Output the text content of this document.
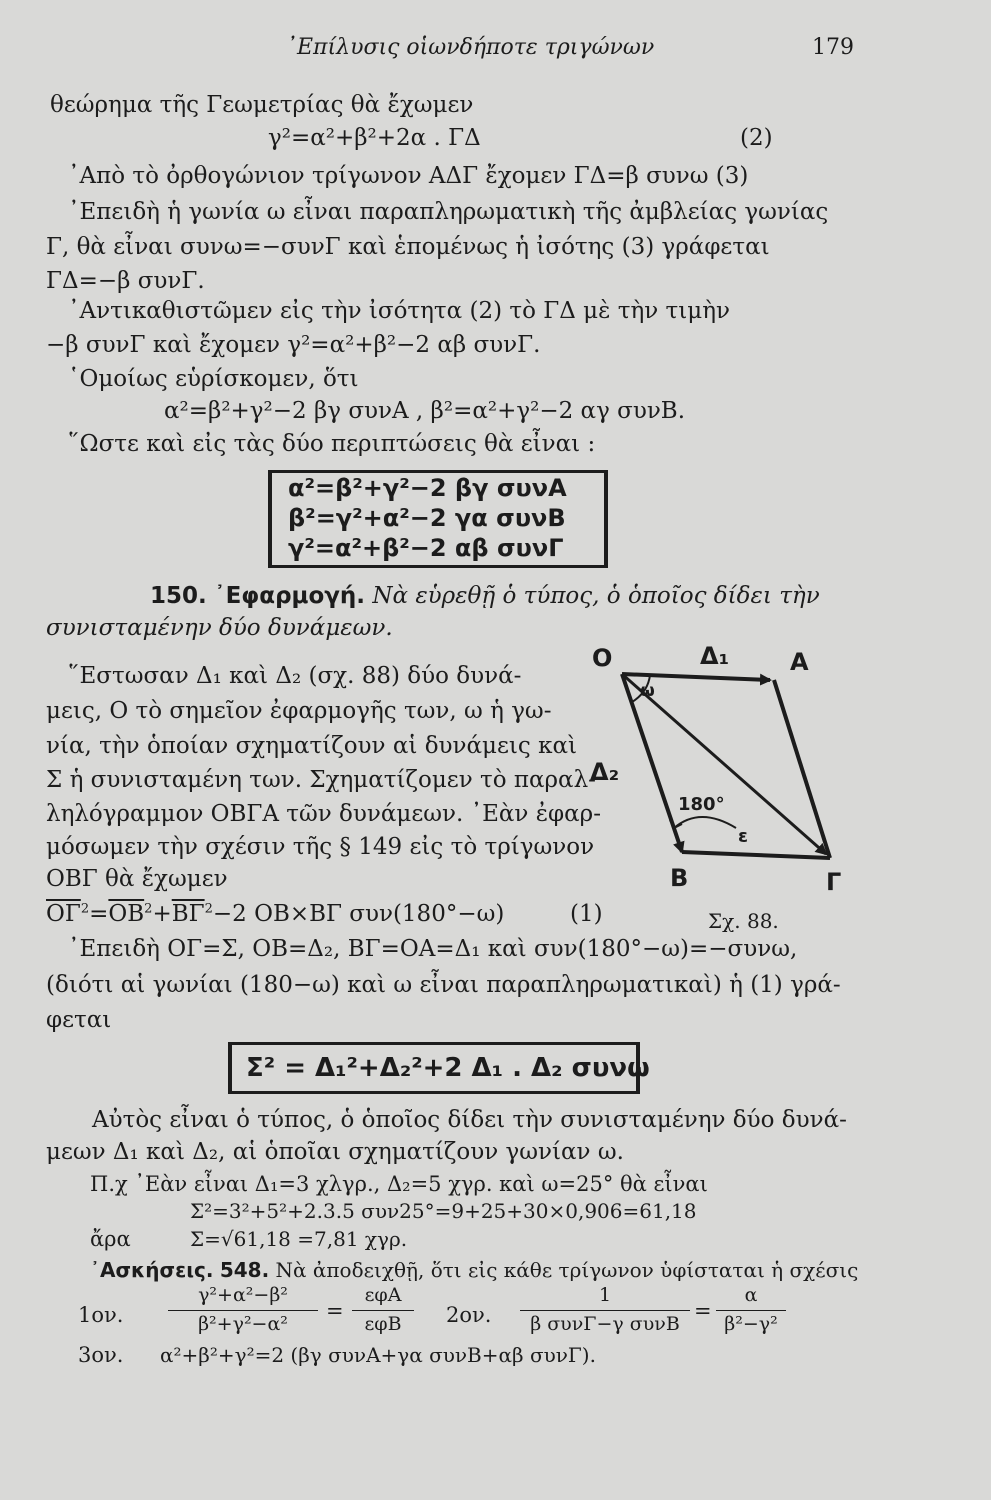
᾿Επίλυσις οἱωνδήποτε τριγώνων	179
θεώρημα τῆς Γεωμετρίας θὰ ἔχωμεν
γ²=α²+β²+2α . ΓΔ	(2)
᾿Απὸ τὸ ὀρθογώνιον τρίγωνον ΑΔΓ ἔχομεν ΓΔ=β συνω (3)
᾿Επειδὴ ἡ γωνία ω εἶναι παραπληρωματικὴ τῆς ἀμβλείας γωνίας
Γ, θὰ εἶναι συνω=−συνΓ καὶ ἑπομένως ἡ ἰσότης (3) γράφεται
ΓΔ=−β συνΓ.
᾿Αντικαθιστῶμεν εἰς τὴν ἰσότητα (2) τὸ ΓΔ μὲ τὴν τιμὴν
−β συνΓ καὶ ἔχομεν γ²=α²+β²−2 αβ συνΓ.
῾Ομοίως εὑρίσκομεν, ὅτι
α²=β²+γ²−2 βγ συνΑ , β²=α²+γ²−2 αγ συνΒ.
῞Ωστε καὶ εἰς τὰς δύο περιπτώσεις θὰ εἶναι :
α²=β²+γ²−2 βγ συνΑ
β²=γ²+α²−2 γα συνΒ
γ²=α²+β²−2 αβ συνΓ
150. ᾿Εφαρμογή. Νὰ εὑρεθῇ ὁ τύπος, ὁ ὁποῖος δίδει τὴν
συνισταμένην δύο δυνάμεων.
῞Εστωσαν Δ₁ καὶ Δ₂ (σχ. 88) δύο δυνά-
μεις, Ο τὸ σημεῖον ἐφαρμογῆς των, ω ἡ γω-
νία, τὴν ὁποίαν σχηματίζουν αἱ δυνάμεις καὶ
Σ ἡ συνισταμένη των. Σχηματίζομεν τὸ παραλ-
ληλόγραμμον ΟΒΓΑ τῶν δυνάμεων. ᾿Εὰν ἐφαρ-
μόσωμεν τὴν σχέσιν τῆς § 149 εἰς τὸ τρίγωνον
ΟΒΓ θὰ ἔχωμεν
$\overline{O\Gamma}^2=\overline{OB}^2+\overline{B\Gamma}^2-2$ ΟΒ×ΒΓ συν(180°−ω)	(1)	Σχ. 88.
᾿Επειδὴ ΟΓ=Σ, ΟΒ=Δ₂, ΒΓ=ΟΑ=Δ₁ καὶ συν(180°−ω)=−συνω,
(διότι αἱ γωνίαι (180−ω) καὶ ω εἶναι παραπληρωματικαὶ) ἡ (1) γρά-
φεται
Σ² = Δ₁²+Δ₂²+2 Δ₁ . Δ₂ συνω
Αὐτὸς εἶναι ὁ τύπος, ὁ ὁποῖος δίδει τὴν συνισταμένην δύο δυνά-
μεων Δ₁ καὶ Δ₂, αἱ ὁποῖαι σχηματίζουν γωνίαν ω.
Π.χ ᾿Εὰν εἶναι Δ₁=3 χλγρ., Δ₂=5 χγρ. καὶ ω=25° θὰ εἶναι
Σ²=3²+5²+2.3.5 συν25°=9+25+30×0,906=61,18
ἄρα	Σ=√61,18 =7,81 χγρ.
᾿Ασκήσεις. 548. Νὰ ἀποδειχθῇ, ὅτι εἰς κάθε τρίγωνον ὑφίσταται ἡ σχέσις
1ον.
γ²+α²−β²
β²+γ²−α²
=
εφΑ
εφΒ	2ον.
1
β συνΓ−γ συνΒ
=
α
β²−γ²
3ον. α²+β²+γ²=2 (βγ συνΑ+γα συνΒ+αβ συνΓ).
Ο	Δ₁	Α
Δ₂
ω
180°
ε
Β	Γ
